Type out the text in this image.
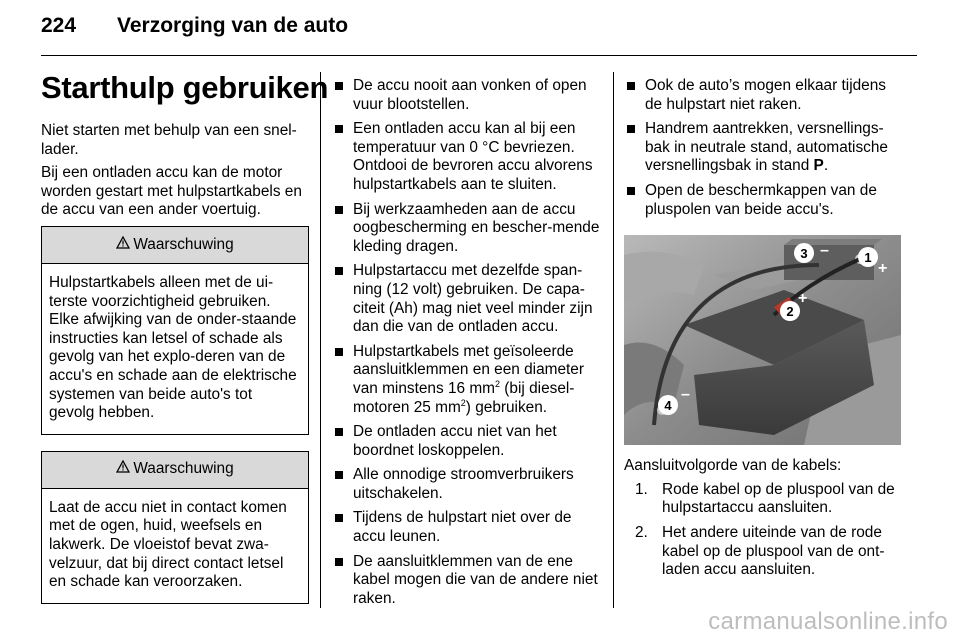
224 Verzorging van de auto
Starthulp gebruiken

Niet starten met behulp van een snel-lader.

Bij een ontladen accu kan de motor worden gestart met hulpstartkabels en de accu van een ander voertuig.

Waarschuwing
Hulpstartkabels alleen met de ui-terste voorzichtigheid gebruiken. Elke afwijking van de onder-staande instructies kan letsel of schade als gevolg van het explo-deren van de accu's en schade aan de elektrische systemen van beide auto's tot gevolg hebben.
Waarschuwing
Laat de accu niet in contact komen met de ogen, huid, weefsels en lakwerk. De vloeistof bevat zwa-velzuur, dat bij direct contact letsel en schade kan veroorzaken.
De accu nooit aan vonken of open vuur blootstellen.
Een ontladen accu kan al bij een temperatuur van 0 °C bevriezen. Ontdooi de bevroren accu alvorens hulpstartkabels aan te sluiten.
Bij werkzaamheden aan de accu oogbescherming en bescher-mende kleding dragen.
Hulpstartaccu met dezelfde span-ning (12 volt) gebruiken. De capa-citeit (Ah) mag niet veel minder zijn dan die van de ontladen accu.
Hulpstartkabels met geïsoleerde aansluitklemmen en een diameter van minstens 16 $mm^2$ (bij diesel-motoren 25 $mm^2$) gebruiken.
De ontladen accu niet van het boordnet loskoppelen.
Alle onnodige stroomverbruikers uitschakelen.
Tijdens de hulpstart niet over de accu leunen.
De aansluitklemmen van de ene kabel mogen die van de andere niet raken.
Ook de auto’s mogen elkaar tijdens de hulpstart niet raken.
Handrem aantrekken, versnellings-bak in neutrale stand, automatische versnellingsbak in stand P.
Open de beschermkappen van de pluspolen van beide accu's.
3 –	1
+
2
+
4
–

Aansluitvolgorde van de kabels:

1. Rode kabel op de pluspool van de hulpstartaccu aansluiten.
2. Het andere uiteinde van de rode kabel op de pluspool van de ont-laden accu aansluiten.
carmanualsonline.info
